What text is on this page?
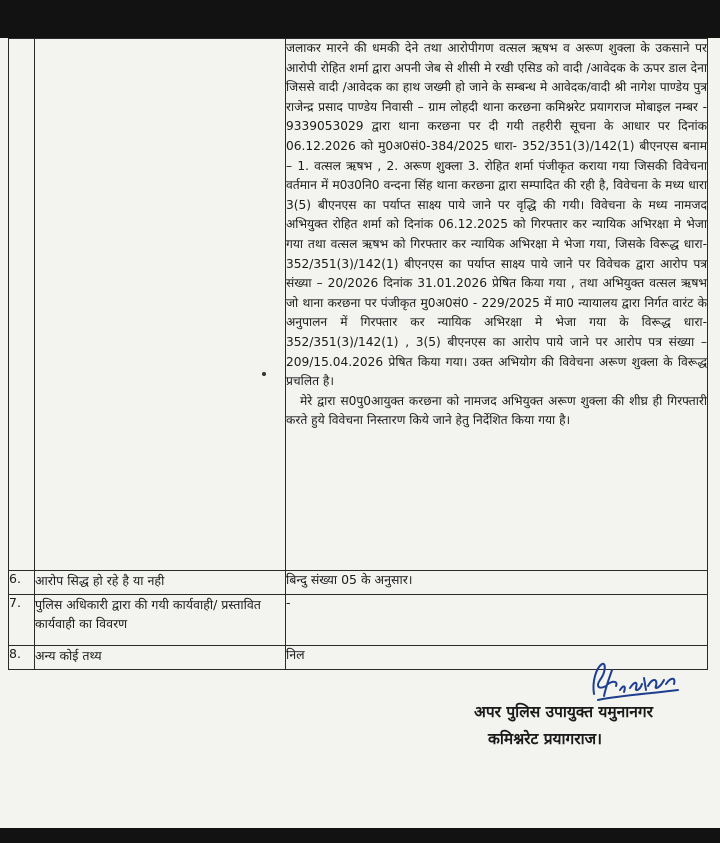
		जलाकर मारने की धमकी देने तथा आरोपीगण वत्सल ऋषभ व अरूण शुक्ला के उकसाने पर आरोपी रोहित शर्मा द्वारा अपनी जेब से शीसी मे रखी एसिड को वादी /आवेदक के ऊपर डाल देना जिससे वादी /आवेदक का हाथ जख्मी हो जाने के सम्बन्ध मे आवेदक/वादी श्री नागेश पाण्डेय पुत्र राजेन्द्र प्रसाद पाण्डेय निवासी – ग्राम लोहदी थाना करछना कमिश्नरेट प्रयागराज मोबाइल नम्बर - 9339053029 द्वारा थाना करछना पर दी गयी तहरीरी सूचना के आधार पर दिनांक 06.12.2026 को मु0अ0सं0-384/2025 धारा- 352/351(3)/142(1) बीएनएस बनाम – 1. वत्सल ऋषभ , 2. अरूण शुक्ला 3. रोहित शर्मा पंजीकृत कराया गया जिसकी विवेचना वर्तमान में म0उ0नि0 वन्दना सिंह थाना करछना द्वारा सम्पादित की रही है, विवेचना के मध्य धारा 3(5) बीएनएस का पर्याप्त साक्ष्य पाये जाने पर वृद्धि की गयी। विवेचना के मध्य नामजद अभियुक्त रोहित शर्मा को दिनांक 06.12.2025 को गिरफ्तार कर न्यायिक अभिरक्षा मे भेजा गया तथा वत्सल ऋषभ को गिरफ्तार कर न्यायिक अभिरक्षा मे भेजा गया, जिसके विरूद्ध धारा- 352/351(3)/142(1) बीएनएस का पर्याप्त साक्ष्य पाये जाने पर विवेचक द्वारा आरोप पत्र संख्या – 20/2026 दिनांक 31.01.2026 प्रेषित किया गया , तथा अभियुक्त वत्सल ऋषभ जो थाना करछना पर पंजीकृत मु0अ0सं0 - 229/2025 में मा0 न्यायालय द्वारा निर्गत वारंट के अनुपालन में गिरफ्तार कर न्यायिक अभिरक्षा मे भेजा गया के विरूद्ध धारा- 352/351(3)/142(1) , 3(5) बीएनएस का आरोप पाये जाने पर आरोप पत्र संख्या – 209/15.04.2026 प्रेषित किया गया। उक्त अभियोग की विवेचना अरूण शुक्ला के विरूद्ध प्रचलित है।

मेरे द्वारा स0पु0आयुक्त करछना को नामजद अभियुक्त अरूण शुक्ला की शीघ्र ही गिरफ्तारी करते हुये विवेचना निस्तारण किये जाने हेतु निर्देशित किया गया है।

6.	आरोप सिद्ध हो रहे है या नही	बिन्दु संख्या 05 के अनुसार।
7.	पुलिस अधिकारी द्वारा की गयी कार्यवाही/ प्रस्तावित कार्यवाही का विवरण	-
8.	अन्य कोई तथ्य	निल
अपर पुलिस उपायुक्त यमुनानगर
कमिश्नरेट प्रयागराज।
